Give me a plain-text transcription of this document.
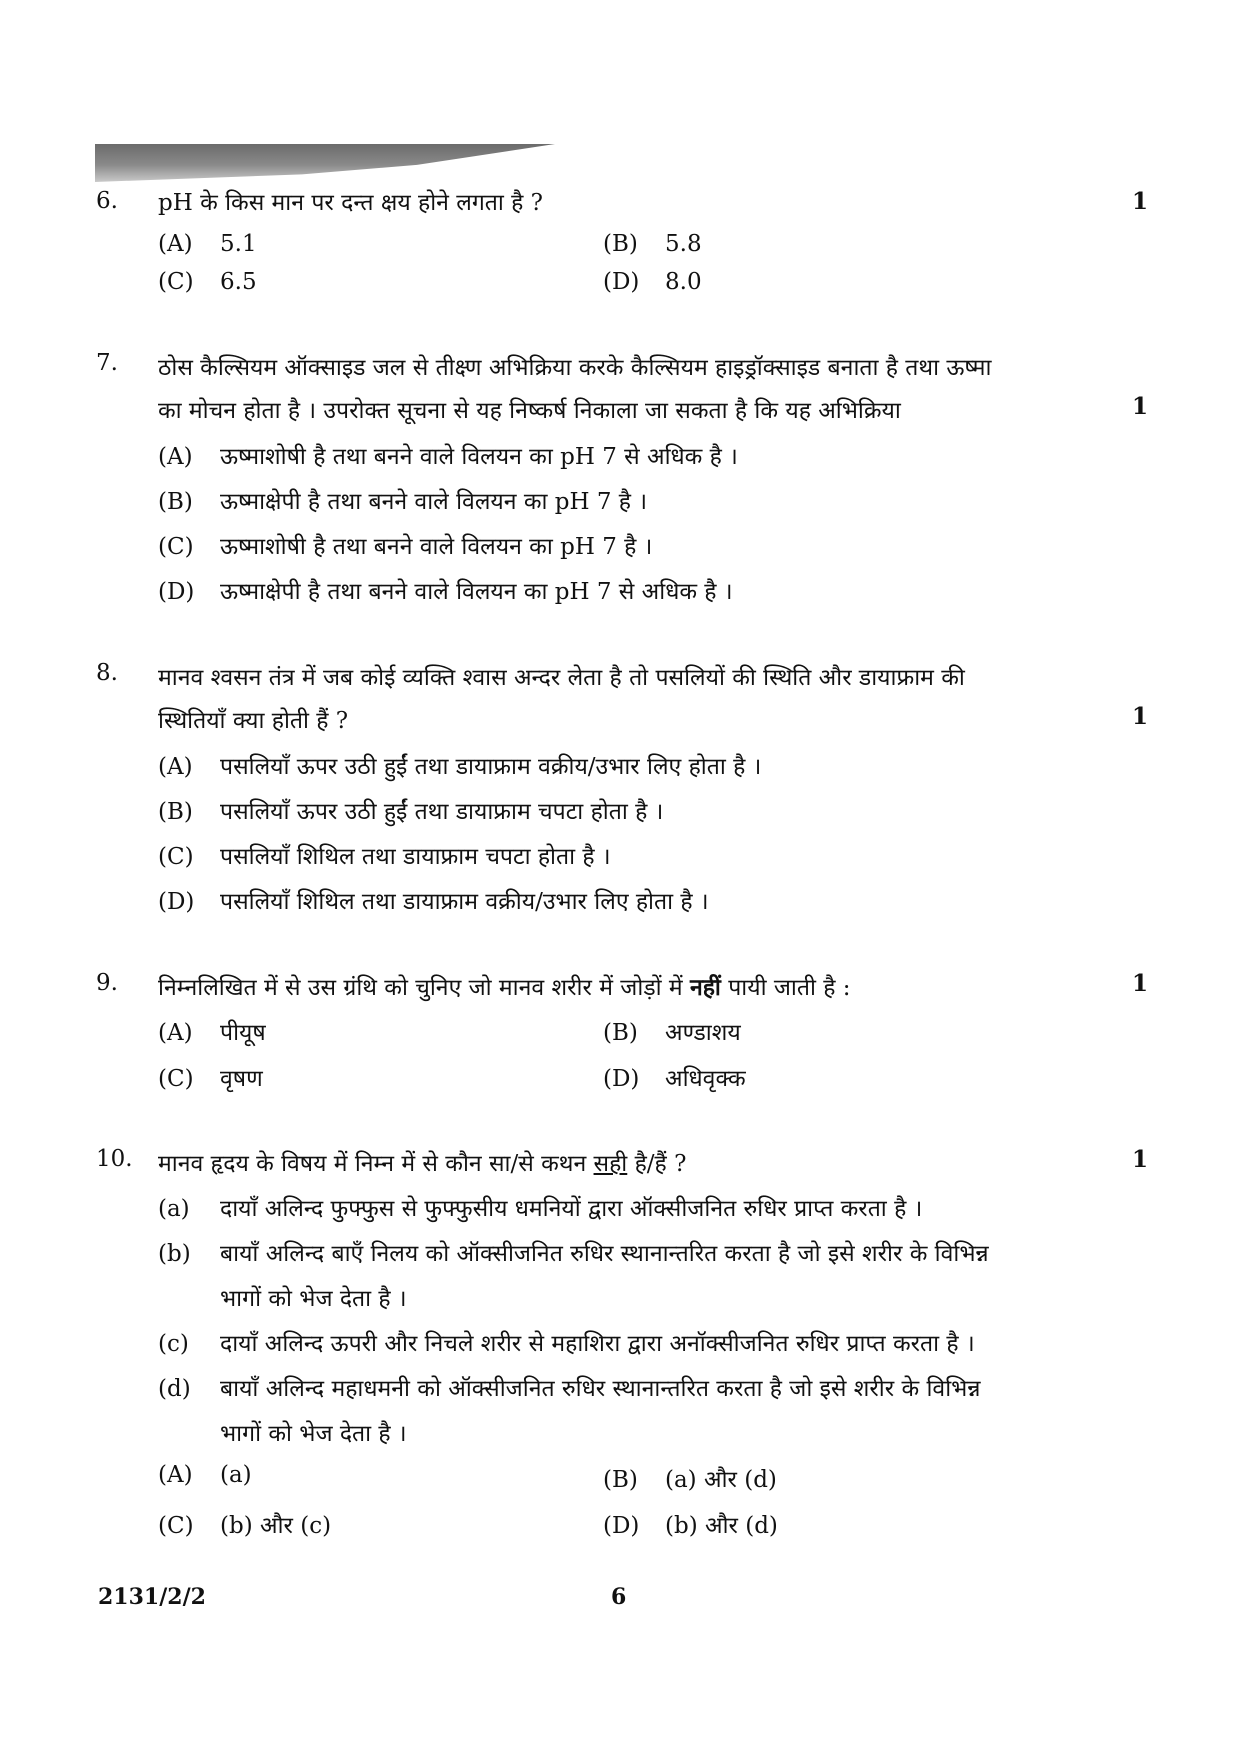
6. pH के किस मान पर दन्त क्षय होने लगता है ?	1
(A) 5.1	(B) 5.8
(C) 6.5	(D) 8.0
7. ठोस कैल्सियम ऑक्साइड जल से तीक्ष्ण अभिक्रिया करके कैल्सियम हाइड्रॉक्साइड बनाता है तथा ऊष्मा
का मोचन होता है । उपरोक्त सूचना से यह निष्कर्ष निकाला जा सकता है कि यह अभिक्रिया	1
(A) ऊष्माशोषी है तथा बनने वाले विलयन का pH 7 से अधिक है ।
(B) ऊष्माक्षेपी है तथा बनने वाले विलयन का pH 7 है ।
(C) ऊष्माशोषी है तथा बनने वाले विलयन का pH 7 है ।
(D) ऊष्माक्षेपी है तथा बनने वाले विलयन का pH 7 से अधिक है ।
8. मानव श्वसन तंत्र में जब कोई व्यक्ति श्वास अन्दर लेता है तो पसलियों की स्थिति और डायाफ्राम की
स्थितियाँ क्या होती हैं ?	1
(A) पसलियाँ ऊपर उठी हुईं तथा डायाफ्राम वक्रीय/उभार लिए होता है ।
(B) पसलियाँ ऊपर उठी हुईं तथा डायाफ्राम चपटा होता है ।
(C) पसलियाँ शिथिल तथा डायाफ्राम चपटा होता है ।
(D) पसलियाँ शिथिल तथा डायाफ्राम वक्रीय/उभार लिए होता है ।
9. निम्नलिखित में से उस ग्रंथि को चुनिए जो मानव शरीर में जोड़ों में नहीं पायी जाती है :	1
(A) पीयूष	(B) अण्डाशय
(C) वृषण	(D) अधिवृक्क
10. मानव हृदय के विषय में निम्न में से कौन सा/से कथन सही है/हैं ?	1
(a) दायाँ अलिन्द फुफ्फुस से फुफ्फुसीय धमनियों द्वारा ऑक्सीजनित रुधिर प्राप्त करता है ।
(b) बायाँ अलिन्द बाएँ निलय को ऑक्सीजनित रुधिर स्थानान्तरित करता है जो इसे शरीर के विभिन्न
भागों को भेज देता है ।
(c) दायाँ अलिन्द ऊपरी और निचले शरीर से महाशिरा द्वारा अनॉक्सीजनित रुधिर प्राप्त करता है ।
(d) बायाँ अलिन्द महाधमनी को ऑक्सीजनित रुधिर स्थानान्तरित करता है जो इसे शरीर के विभिन्न
भागों को भेज देता है ।
(A) (a)	(B) (a) और (d)
(C) (b) और (c)	(D) (b) और (d)
2131/2/2	6
